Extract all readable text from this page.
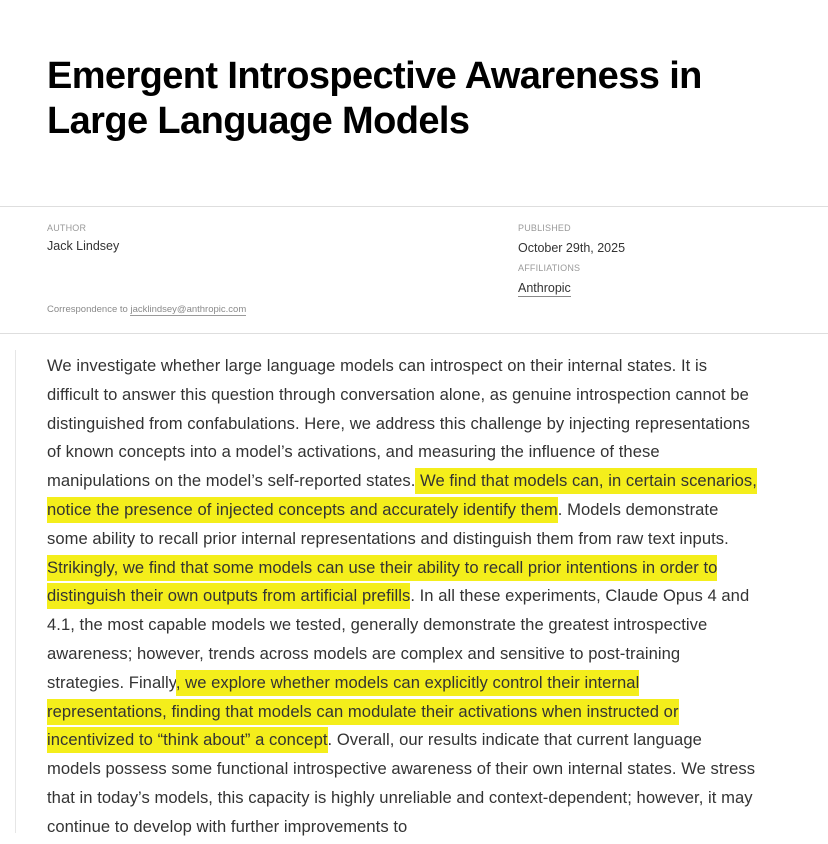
Emergent Introspective Awareness in Large Language Models

AUTHOR

Jack Lindsey

Correspondence to jacklindsey@anthropic.com

PUBLISHED

October 29th, 2025

AFFILIATIONS

Anthropic

We investigate whether large language models can introspect on their internal states. It is difficult to answer this question through conversation alone, as genuine introspection cannot be distinguished from confabulations. Here, we address this challenge by injecting representations of known concepts into a model’s activations, and measuring the influence of these manipulations on the model’s self-reported states. We find that models can, in certain scenarios, notice the presence of injected concepts and accurately identify them. Models demonstrate some ability to recall prior internal representations and distinguish them from raw text inputs. Strikingly, we find that some models can use their ability to recall prior intentions in order to distinguish their own outputs from artificial prefills. In all these experiments, Claude Opus 4 and 4.1, the most capable models we tested, generally demonstrate the greatest introspective awareness; however, trends across models are complex and sensitive to post-training strategies. Finally, we explore whether models can explicitly control their internal representations, finding that models can modulate their activations when instructed or incentivized to “think about” a concept. Overall, our results indicate that current language models possess some functional introspective awareness of their own internal states. We stress that in today’s models, this capacity is highly unreliable and context-dependent; however, it may continue to develop with further improvements to
